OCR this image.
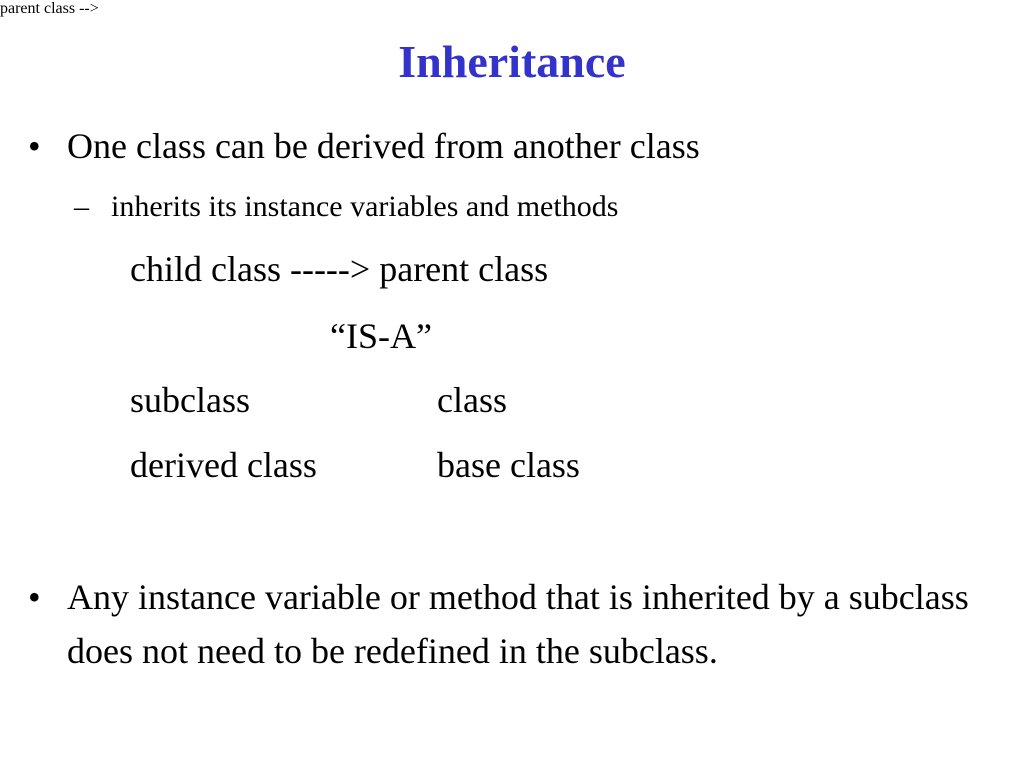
Inheritance
• One class can be derived from another class
– inherits its instance variables and methods
parent class -->
child class -----> parent class
“IS-A”
subclass	class
derived class	base class
• Any instance variable or method that is inherited by a subclass does not need to be redefined in the subclass.
